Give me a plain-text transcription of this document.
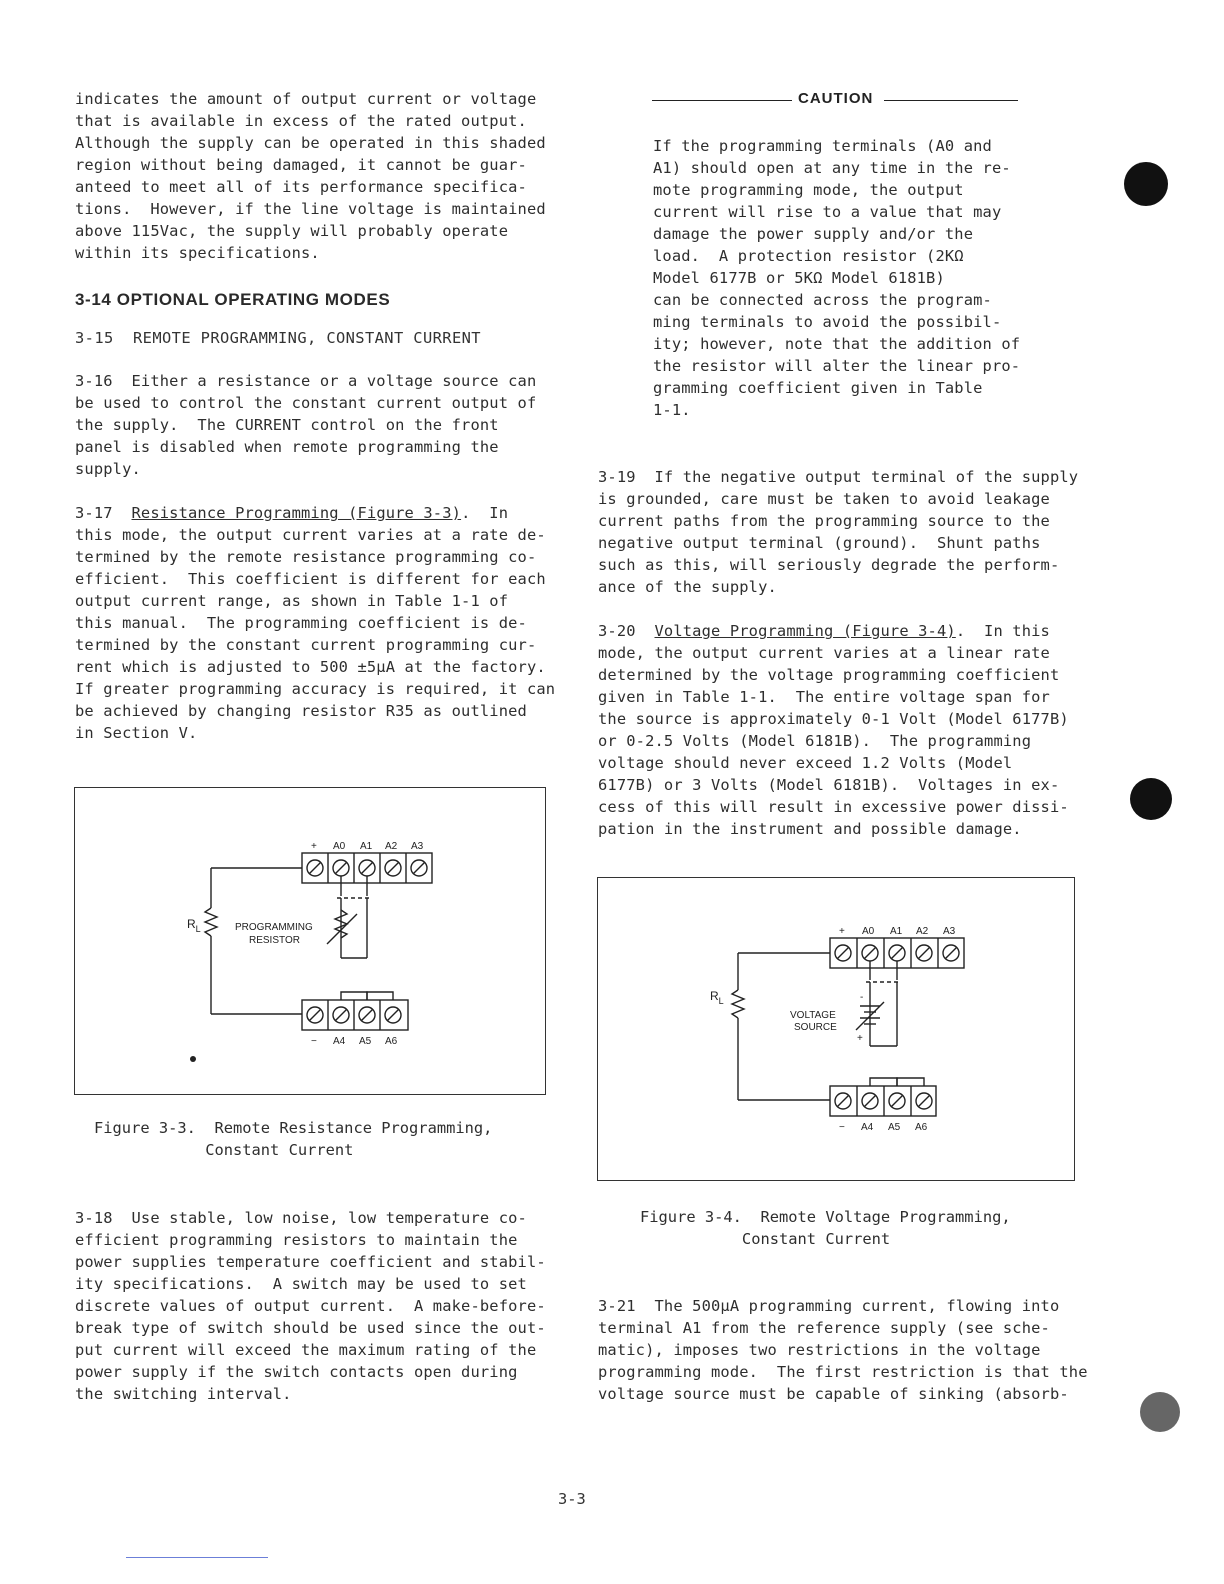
indicates the amount of output current or voltage
that is available in excess of the rated output.
Although the supply can be operated in this shaded
region without being damaged, it cannot be guar-
anteed to meet all of its performance specifica-
tions.  However, if the line voltage is maintained
above 115Vac, the supply will probably operate
within its specifications.

3-14 OPTIONAL OPERATING MODES

3-15  REMOTE PROGRAMMING, CONSTANT CURRENT

3-16  Either a resistance or a voltage source can
be used to control the constant current output of
the supply.  The CURRENT control on the front
panel is disabled when remote programming the
supply.

3-17  Resistance Programming (Figure 3-3).  In
this mode, the output current varies at a rate de-
termined by the remote resistance programming co-
efficient.  This coefficient is different for each
output current range, as shown in Table 1-1 of
this manual.  The programming coefficient is de-
termined by the constant current programming cur-
rent which is adjusted to 500 ±5µA at the factory.
If greater programming accuracy is required, it can
be achieved by changing resistor R35 as outlined
in Section V.

+ A0 A1 A2 A3
− A4 A5 A6
$R_L$	PROGRAMMING
RESISTOR
Figure 3-3.  Remote Resistance Programming,
Constant Current

3-18  Use stable, low noise, low temperature co-
efficient programming resistors to maintain the
power supplies temperature coefficient and stabil-
ity specifications.  A switch may be used to set
discrete values of output current.  A make-before-
break type of switch should be used since the out-
put current will exceed the maximum rating of the
power supply if the switch contacts open during
the switching interval.

CAUTION

If the programming terminals (A0 and
A1) should open at any time in the re-
mote programming mode, the output
current will rise to a value that may
damage the power supply and/or the
load.  A protection resistor (2KΩ
Model 6177B or 5KΩ Model 6181B)
can be connected across the program-
ming terminals to avoid the possibil-
ity; however, note that the addition of
the resistor will alter the linear pro-
gramming coefficient given in Table
1-1.

3-19  If the negative output terminal of the supply
is grounded, care must be taken to avoid leakage
current paths from the programming source to the
negative output terminal (ground).  Shunt paths
such as this, will seriously degrade the perform-
ance of the supply.

3-20  Voltage Programming (Figure 3-4).  In this
mode, the output current varies at a linear rate
determined by the voltage programming coefficient
given in Table 1-1.  The entire voltage span for
the source is approximately 0-1 Volt (Model 6177B)
or 0-2.5 Volts (Model 6181B).  The programming
voltage should never exceed 1.2 Volts (Model
6177B) or 3 Volts (Model 6181B).  Voltages in ex-
cess of this will result in excessive power dissi-
pation in the instrument and possible damage.

+ A0 A1 A2 A3
− A4 A5 A6
$R_L$
VOLTAGE
SOURCE
-
+
Figure 3-4.  Remote Voltage Programming,
Constant Current

3-21  The 500µA programming current, flowing into
terminal A1 from the reference supply (see sche-
matic), imposes two restrictions in the voltage
programming mode.  The first restriction is that the
voltage source must be capable of sinking (absorb-

3-3
